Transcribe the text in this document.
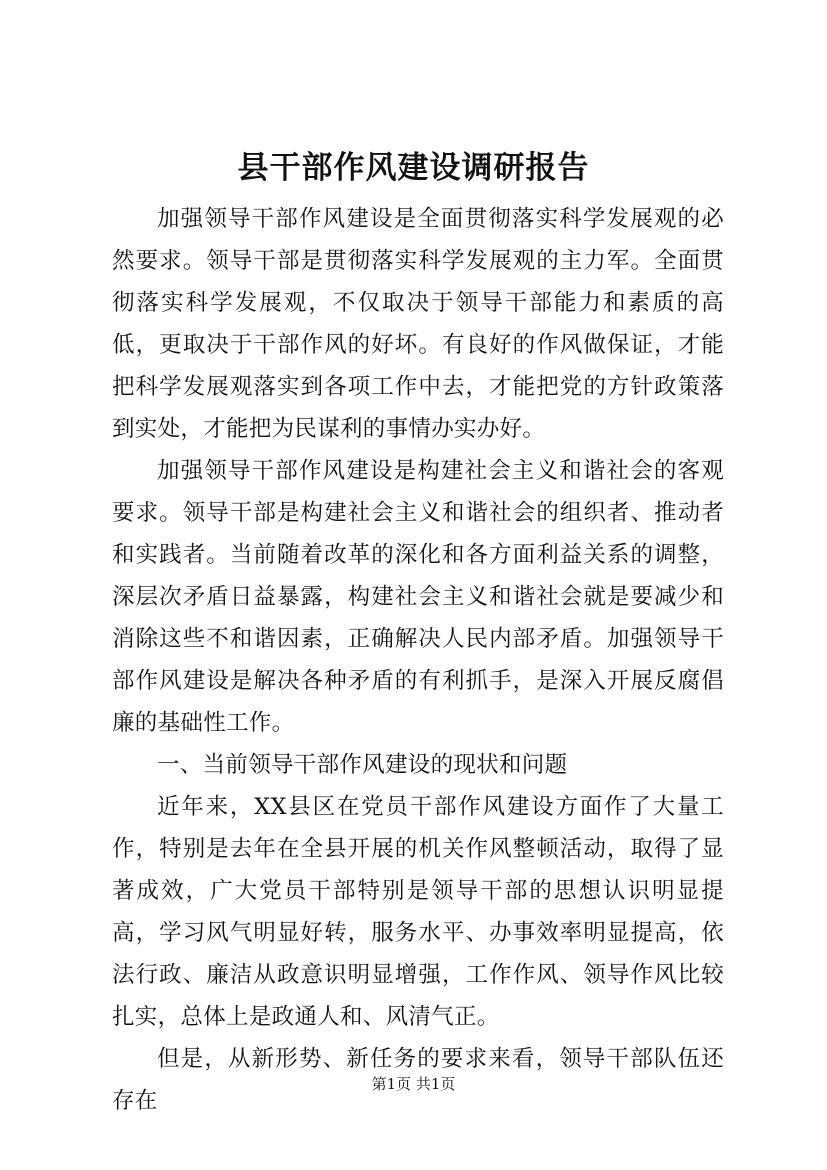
县干部作风建设调研报告

加强领导干部作风建设是全面贯彻落实科学发展观的必然要求。领导干部是贯彻落实科学发展观的主力军。全面贯彻落实科学发展观，不仅取决于领导干部能力和素质的高低，更取决于干部作风的好坏。有良好的作风做保证，才能把科学发展观落实到各项工作中去，才能把党的方针政策落到实处，才能把为民谋利的事情办实办好。

加强领导干部作风建设是构建社会主义和谐社会的客观要求。领导干部是构建社会主义和谐社会的组织者、推动者和实践者。当前随着改革的深化和各方面利益关系的调整，深层次矛盾日益暴露，构建社会主义和谐社会就是要减少和消除这些不和谐因素，正确解决人民内部矛盾。加强领导干部作风建设是解决各种矛盾的有利抓手，是深入开展反腐倡廉的基础性工作。

一、当前领导干部作风建设的现状和问题

近年来，XX县区在党员干部作风建设方面作了大量工作，特别是去年在全县开展的机关作风整顿活动，取得了显著成效，广大党员干部特别是领导干部的思想认识明显提高，学习风气明显好转，服务水平、办事效率明显提高，依法行政、廉洁从政意识明显增强，工作作风、领导作风比较扎实，总体上是政通人和、风清气正。

但是，从新形势、新任务的要求来看，领导干部队伍还存在

第1页 共1页
